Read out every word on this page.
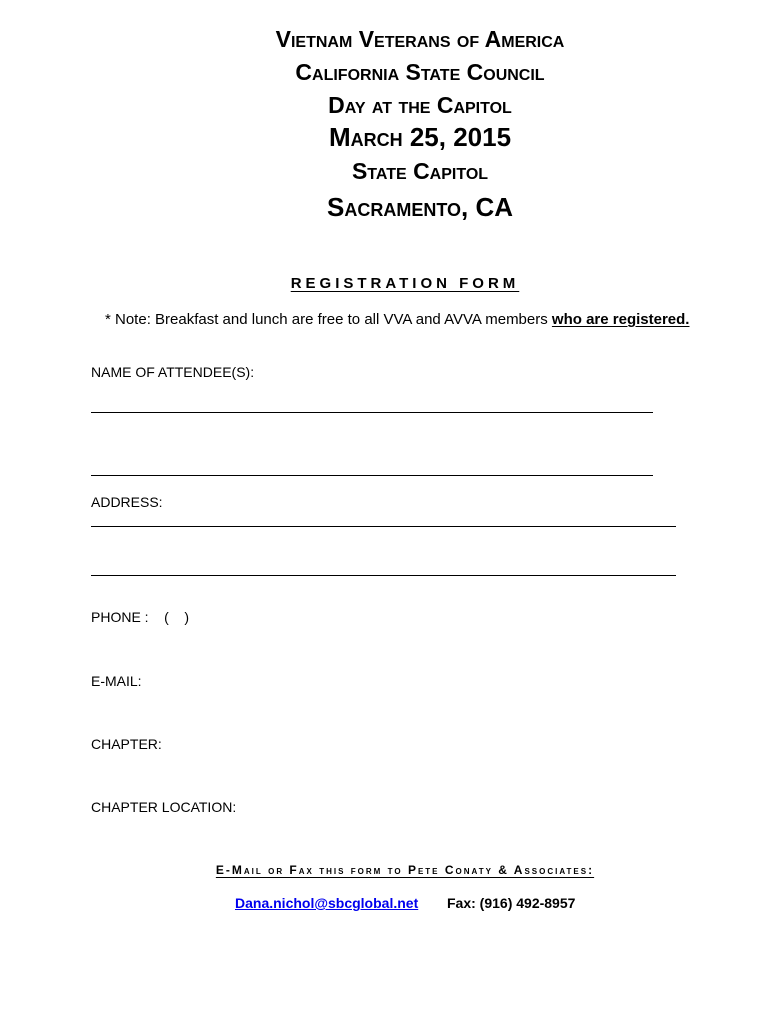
Vietnam Veterans of America
California State Council
Day at the Capitol
March 25, 2015
State Capitol
Sacramento, CA
REGISTRATION FORM
* Note: Breakfast and lunch are free to all VVA and AVVA members who are registered.
NAME OF ATTENDEE(S):
ADDRESS:
PHONE :    (    )
E-MAIL:
CHAPTER:
CHAPTER LOCATION:
E-Mail or Fax this form to Pete Conaty & Associates:
Dana.nichol@sbcglobal.net Fax: (916) 492-8957
